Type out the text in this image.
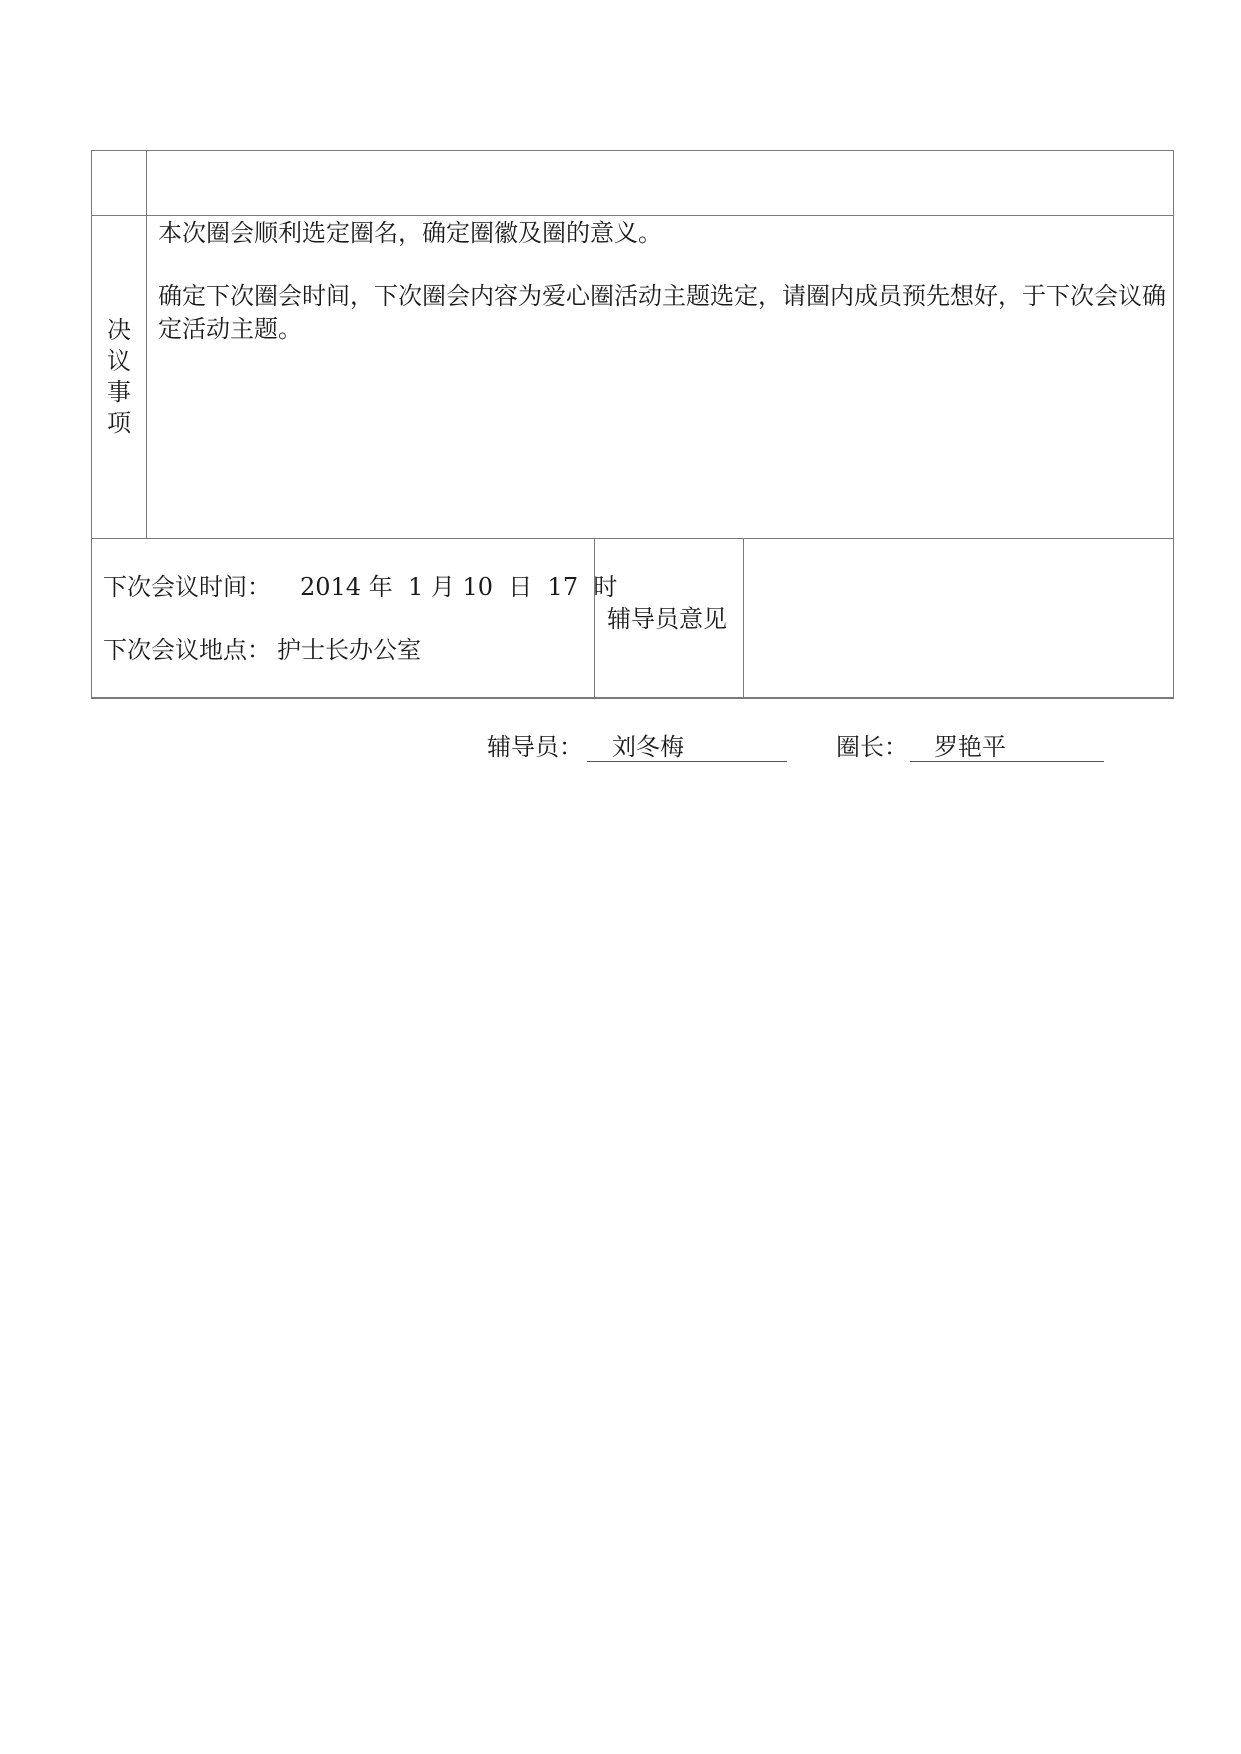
决
议
事
项
本次圈会顺利选定圈名，确定圈徽及圈的意义。
确定下次圈会时间，下次圈会内容为爱心圈活动主题选定，请圈内成员预先想好，于下次会议确定活动主题。
下次会议时间： 2014 年  1 月 10  日  17  时
下次会议地点： 护士长办公室
辅导员意见
辅导员： 刘冬梅	圈长： 罗艳平
